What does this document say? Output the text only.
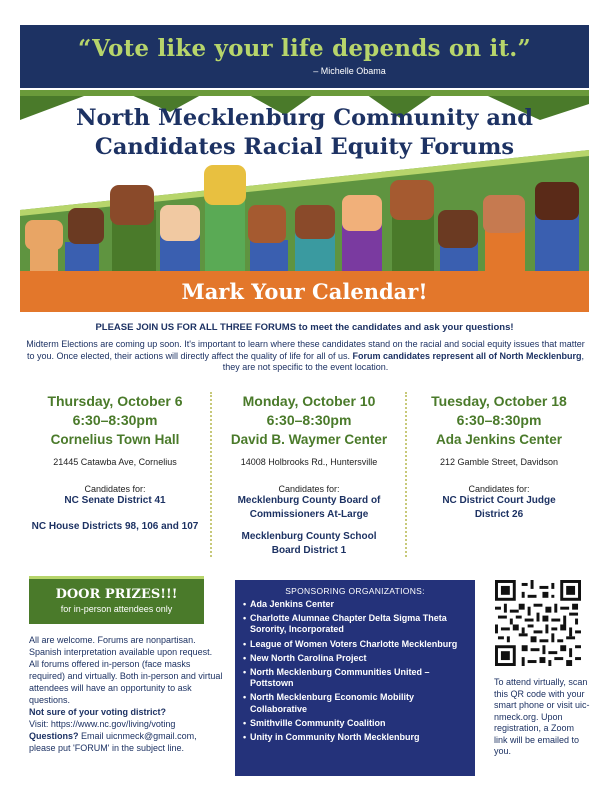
“Vote like your life depends on it.”
– Michelle Obama
North Mecklenburg Community and
Candidates Racial Equity Forums
Mark Your Calendar!
PLEASE JOIN US FOR ALL THREE FORUMS to meet the candidates and ask your questions!
Midterm Elections are coming up soon. It's important to learn where these candidates stand on the racial and social equity issues that matter to you. Once elected, their actions will directly affect the quality of life for all of us. Forum candidates represent all of North Mecklenburg, they are not specific to the event location.
Thursday, October 6
6:30–8:30pm
Cornelius Town Hall
21445 Catawba Ave, Cornelius
Candidates for:
NC Senate District 41
NC House Districts 98, 106 and 107
Monday, October 10
6:30–8:30pm
David B. Waymer Center
14008 Holbrooks Rd., Huntersville
Candidates for:
Mecklenburg County Board of Commissioners At-Large
Mecklenburg County School Board District 1
Tuesday, October 18
6:30–8:30pm
Ada Jenkins Center
212 Gamble Street, Davidson
Candidates for:
NC District Court Judge District 26
DOOR PRIZES!!!
for in-person attendees only
All are welcome. Forums are nonpartisan. Spanish interpretation available upon request. All forums offered in-person (face masks required) and virtually. Both in-person and virtual attendees will have an opportunity to ask questions.
Not sure of your voting district?
Visit: https://www.nc.gov/living/voting
Questions? Email uicnmeck@gmail.com, please put 'FORUM' in the subject line.
SPONSORING ORGANIZATIONS:
• Ada Jenkins Center
• Charlotte Alumnae Chapter Delta Sigma Theta Sorority, Incorporated
• League of Women Voters Charlotte Mecklenburg
• New North Carolina Project
• North Mecklenburg Communities United – Pottstown
• North Mecklenburg Economic Mobility Collaborative
• Smithville Community Coalition
• Unity in Community North Mecklenburg
To attend virtually, scan this QR code with your smart phone or visit uic-nmeck.org. Upon registration, a Zoom link will be emailed to you.
